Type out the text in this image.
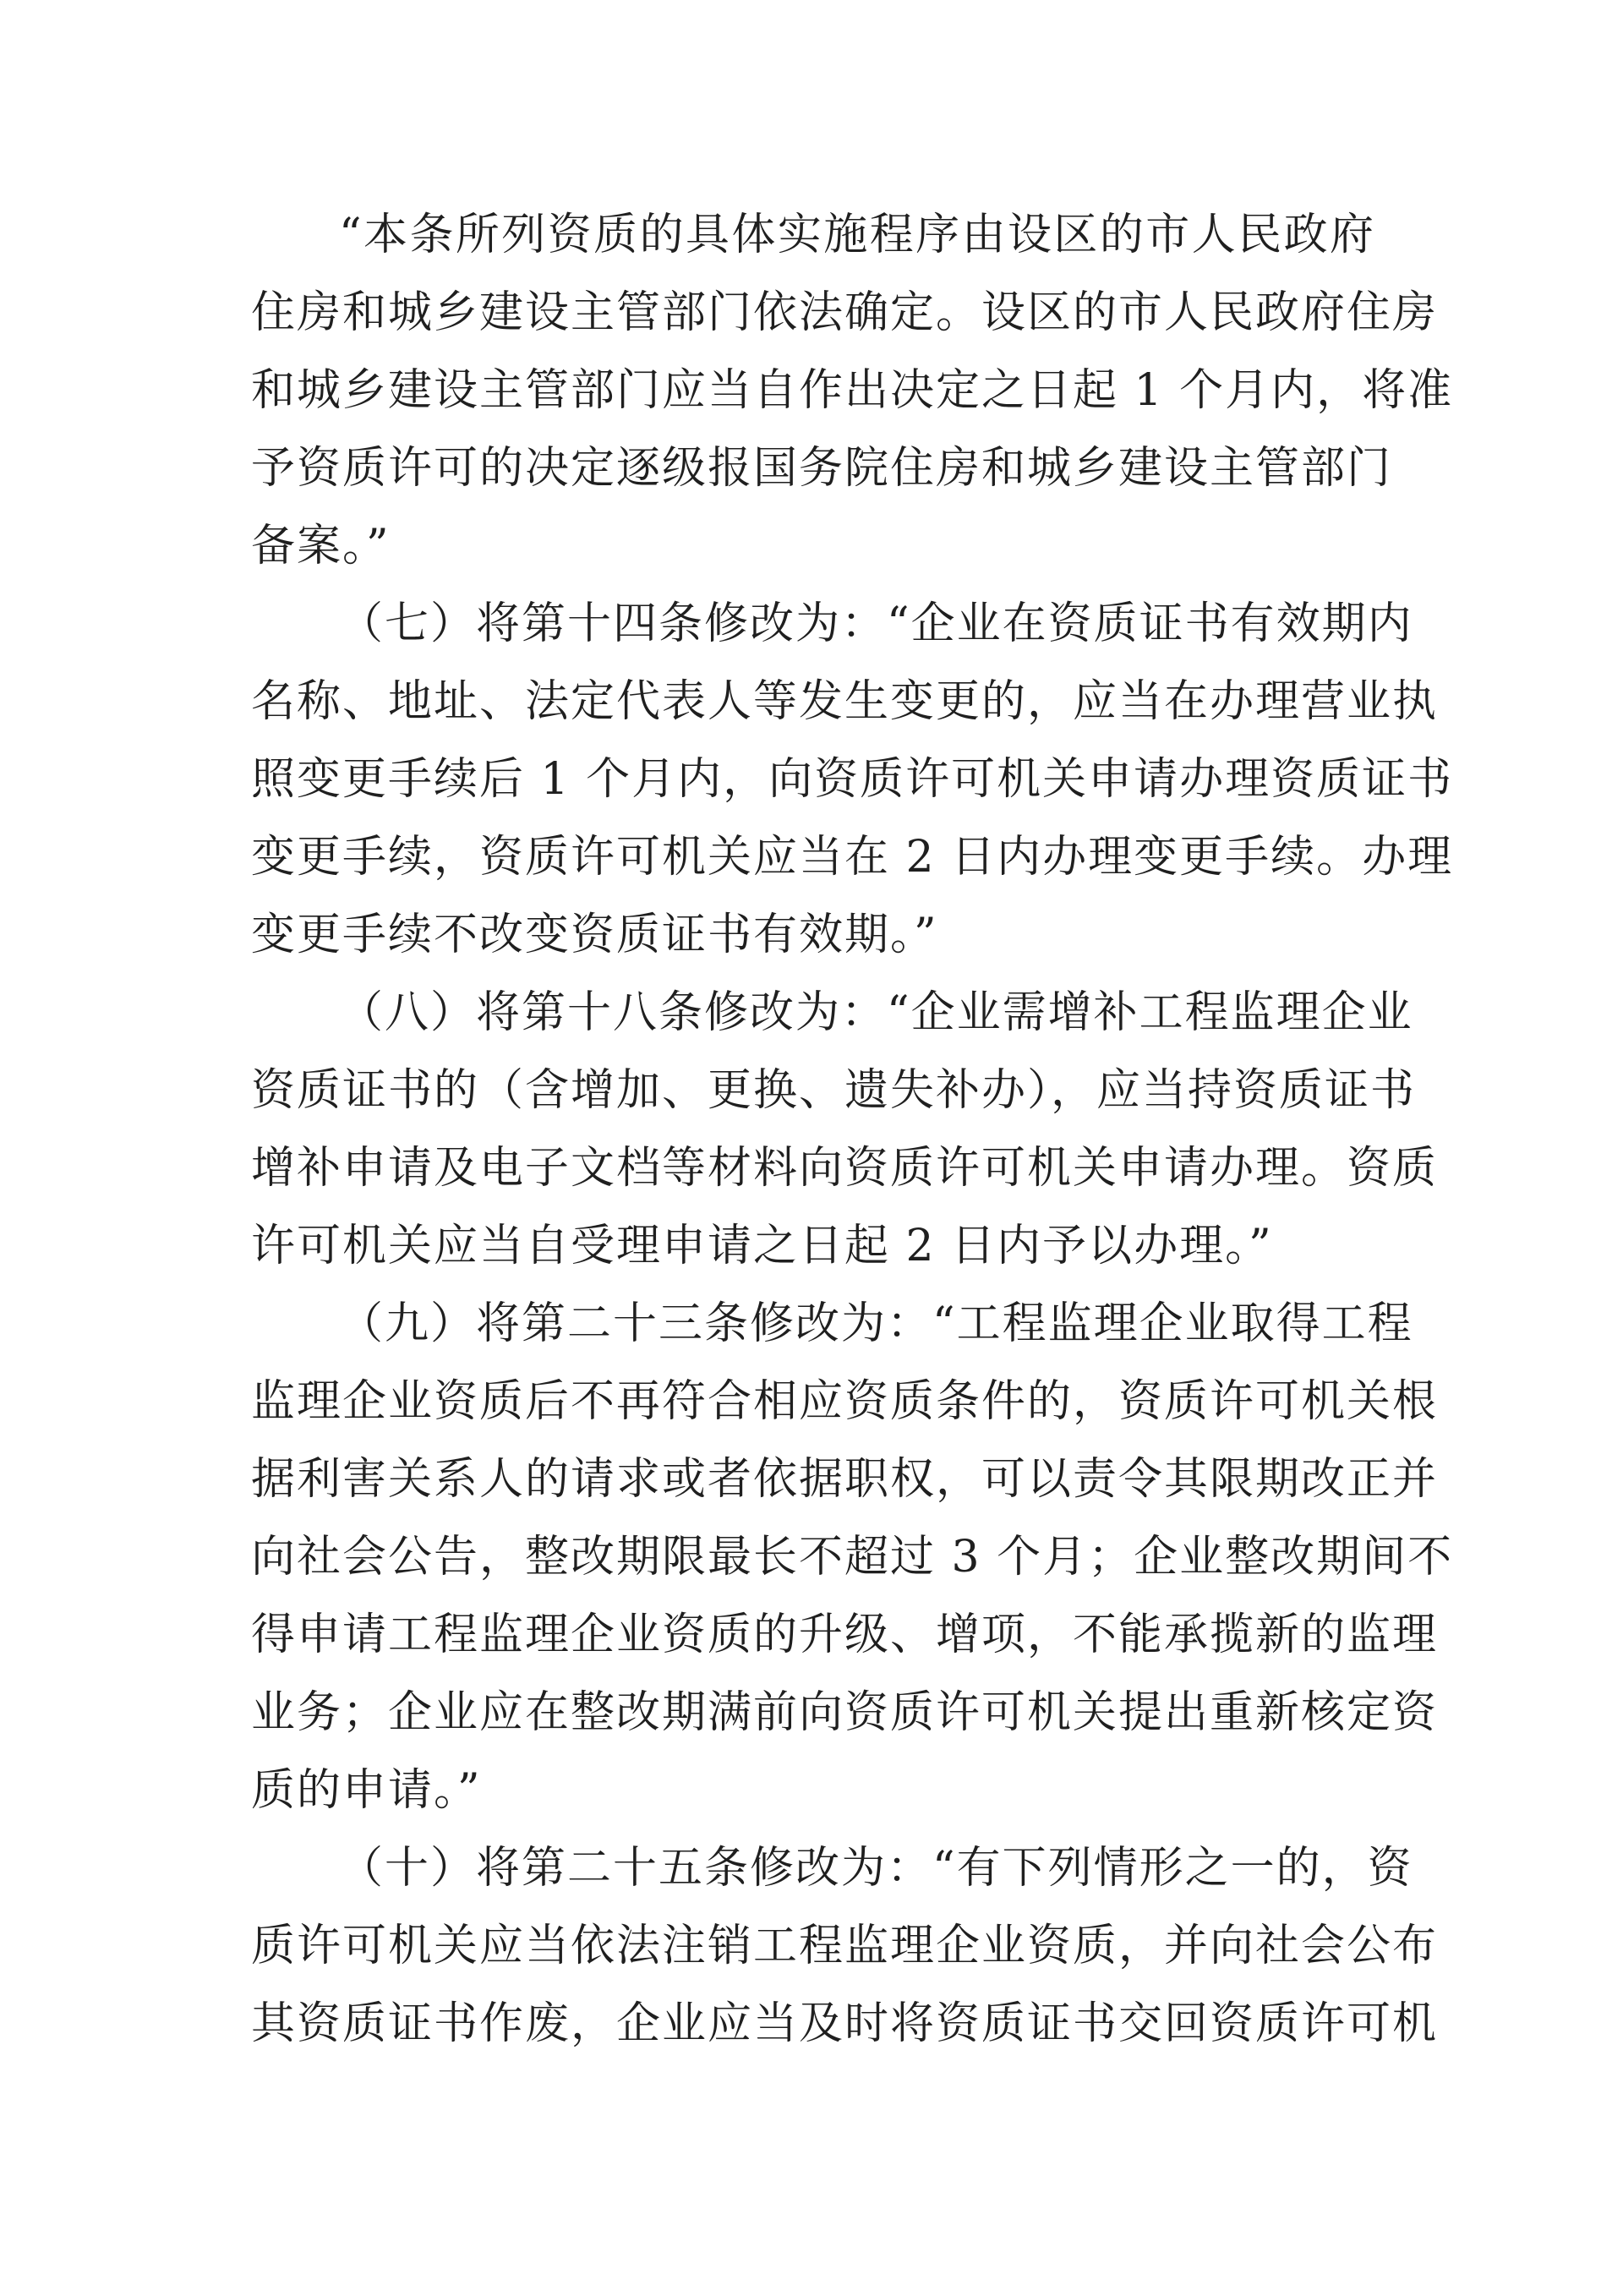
“本条所列资质的具体实施程序由设区的市人民政府
住房和城乡建设主管部门依法确定。设区的市人民政府住房
和城乡建设主管部门应当自作出决定之日起 1 个月内，将准
予资质许可的决定逐级报国务院住房和城乡建设主管部门
备案。”
（七）将第十四条修改为：“企业在资质证书有效期内
名称、地址、法定代表人等发生变更的，应当在办理营业执
照变更手续后 1 个月内，向资质许可机关申请办理资质证书
变更手续，资质许可机关应当在 2 日内办理变更手续。办理
变更手续不改变资质证书有效期。”
（八）将第十八条修改为：“企业需增补工程监理企业
资质证书的（含增加、更换、遗失补办），应当持资质证书
增补申请及电子文档等材料向资质许可机关申请办理。资质
许可机关应当自受理申请之日起 2 日内予以办理。”
（九）将第二十三条修改为：“工程监理企业取得工程
监理企业资质后不再符合相应资质条件的，资质许可机关根
据利害关系人的请求或者依据职权，可以责令其限期改正并
向社会公告，整改期限最长不超过 3 个月；企业整改期间不
得申请工程监理企业资质的升级、增项，不能承揽新的监理
业务；企业应在整改期满前向资质许可机关提出重新核定资
质的申请。”
（十）将第二十五条修改为：“有下列情形之一的，资
质许可机关应当依法注销工程监理企业资质，并向社会公布
其资质证书作废，企业应当及时将资质证书交回资质许可机
